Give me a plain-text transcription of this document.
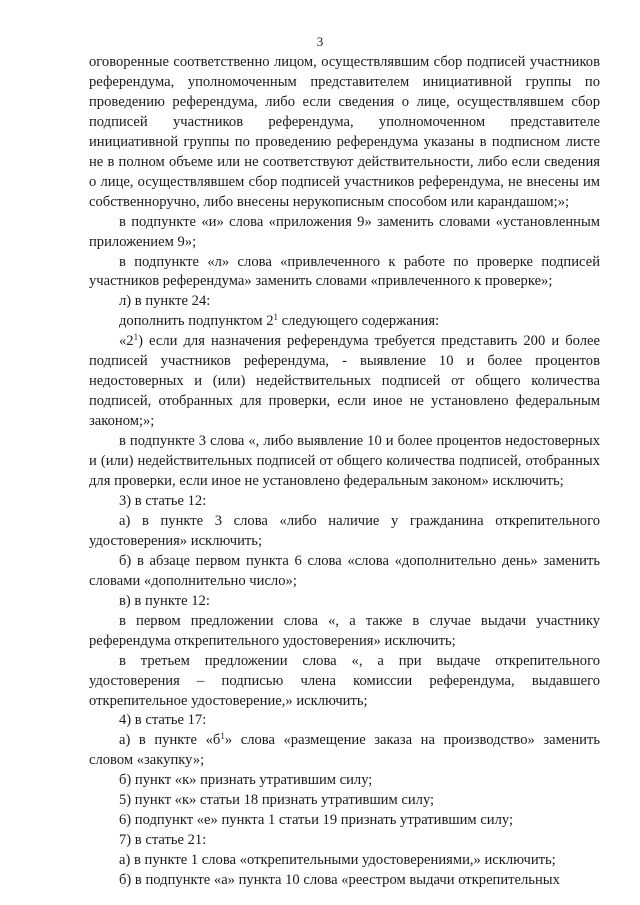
3

оговоренные соответственно лицом, осуществлявшим сбор подписей участников референдума, уполномоченным представителем инициативной группы по проведению референдума, либо если сведения о лице, осуществлявшем сбор подписей участников референдума, уполномоченном представителе инициативной группы по проведению референдума указаны в подписном листе не в полном объеме или не соответствуют действительности, либо если сведения о лице, осуществлявшем сбор подписей участников референдума, не внесены им собственноручно, либо внесены нерукописным способом или карандашом;»;

в подпункте «и» слова «приложения 9» заменить словами «установленным приложением 9»;

в подпункте «л» слова «привлеченного к работе по проверке подписей участников референдума» заменить словами «привлеченного к проверке»;

л) в пункте 24:

дополнить подпунктом $2^1$ следующего содержания:

«$2^1$) если для назначения референдума требуется представить 200 и более подписей участников референдума, - выявление 10 и более процентов недостоверных и (или) недействительных подписей от общего количества подписей, отобранных для проверки, если иное не установлено федеральным законом;»;

в подпункте 3 слова «, либо выявление 10 и более процентов недостоверных и (или) недействительных подписей от общего количества подписей, отобранных для проверки, если иное не установлено федеральным законом» исключить;

3) в статье 12:

а) в пункте 3 слова «либо наличие у гражданина открепительного удостоверения» исключить;

б) в абзаце первом пункта 6 слова «слова «дополнительно день» заменить словами «дополнительно число»;

в) в пункте 12:

в первом предложении слова «, а также в случае выдачи участнику референдума открепительного удостоверения» исключить;

в третьем предложении слова «, а при выдаче открепительного удостоверения – подписью члена комиссии референдума, выдавшего открепительное удостоверение,» исключить;

4) в статье 17:

а) в пункте «$б^1$» слова «размещение заказа на производство» заменить словом «закупку»;

б) пункт «к» признать утратившим силу;

5) пункт «к» статьи 18 признать утратившим силу;

6) подпункт «е» пункта 1 статьи 19 признать утратившим силу;

7) в статье 21:

а) в пункте 1 слова «открепительными удостоверениями,» исключить;

б) в подпункте «а» пункта 10 слова «реестром выдачи открепительных
